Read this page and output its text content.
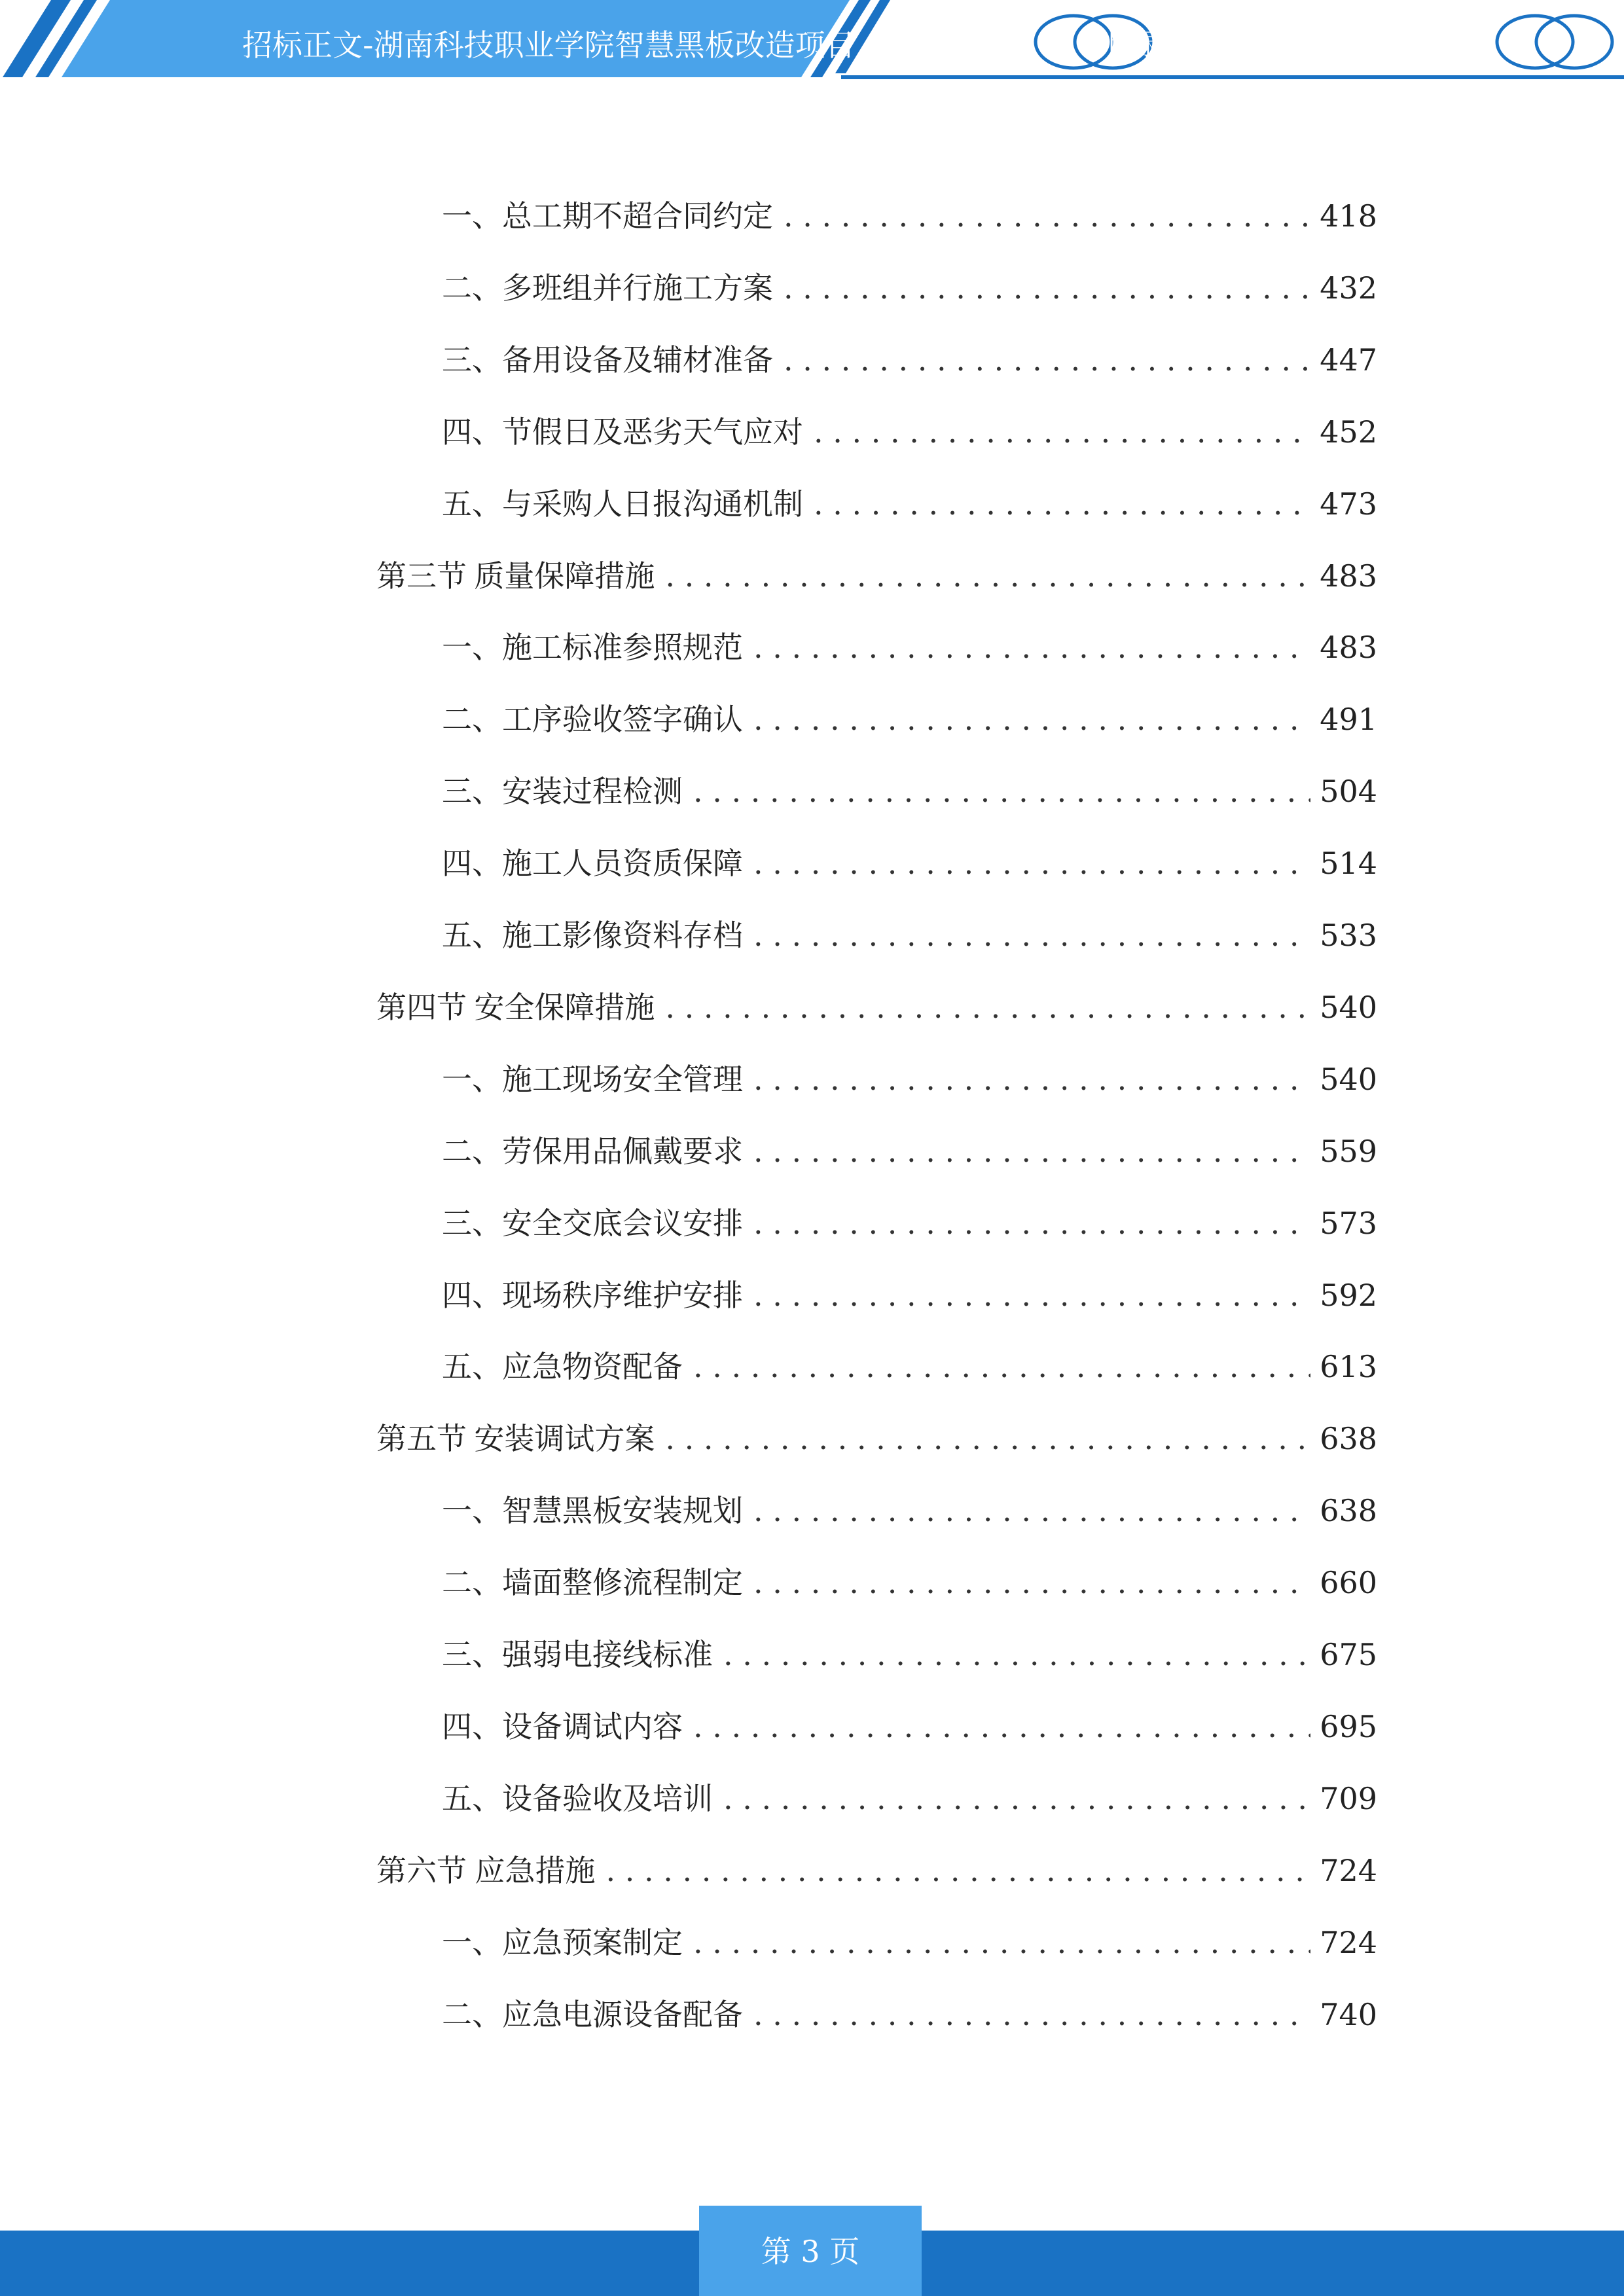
招标正文-湖南科技职业学院智慧黑板改造项目	目录
一、 总工期不超合同约定 . . .	418
二、 多班组并行施工方案 . . .	432
三、 备用设备及辅材准备 . . .	447
四、 节假日及恶劣天气应对 . . .	452
五、 与采购人日报沟通机制 . . .	473
第三节 质量保障措施 . . .	483
一、 施工标准参照规范 . . .	483
二、 工序验收签字确认 . . .	491
三、 安装过程检测 . . .	504
四、 施工人员资质保障 . . .	514
五、 施工影像资料存档 . . .	533
第四节 安全保障措施 . . .	540
一、 施工现场安全管理 . . .	540
二、 劳保用品佩戴要求 . . .	559
三、 安全交底会议安排 . . .	573
四、 现场秩序维护安排 . . .	592
五、 应急物资配备 . . .	613
第五节 安装调试方案 . . .	638
一、 智慧黑板安装规划 . . .	638
二、 墙面整修流程制定 . . .	660
三、 强弱电接线标准 . . .	675
四、 设备调试内容 . . .	695
五、 设备验收及培训 . . .	709
第六节 应急措施 . . .	724
一、 应急预案制定 . . .	724
二、 应急电源设备配备 . . .	740
第 3 页
